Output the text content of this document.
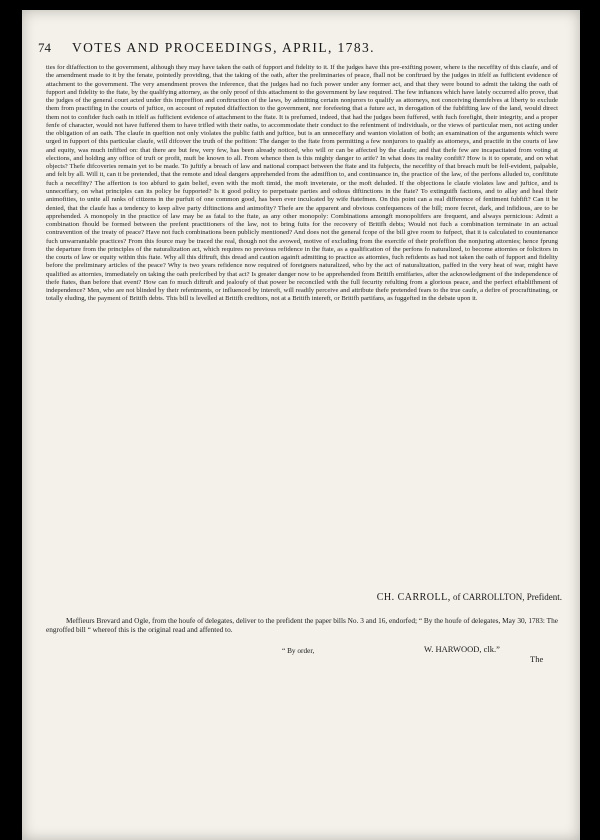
74 VOTES AND PROCEEDINGS, APRIL, 1783.

ties for difaffection to the government, although they may have taken the oath of fupport and fidelity to it. If the judges have this pre-exifting power, where is the neceffity of this claufe, and of the amendment made to it by the fenate, pointedly providing, that the taking of the oath, after the preliminaries of peace, fhall not be conftrued by the judges in itfelf as fufficient evidence of attachment to the government. The very amendment proves the inference, that the judges had no fuch power under any former act, and that they were bound to admit the taking the oath of fupport and fidelity to the ftate, by the qualifying attorney, as the only proof of this attachment to the government by law required. The few inftances which have lately occurred alfo prove, that the judges of the general court acted under this impreffion and conftruction of the laws, by admitting certain nonjurors to qualify as attorneys, not conceiving themfelves at liberty to exclude them from practifing in the courts of juftice, on account of reputed difaffection to the government, nor forefeeing that a future act, in derogation of the fubfifting law of the land, would direct them not to confider fuch oath in itfelf as fufficient evidence of attachment to the ftate. It is prefumed, indeed, that had the judges been fuffered, with fuch forefight, their integrity, and a proper fenfe of character, would not have fuffered them to have trifled with their oaths, to accommodate their conduct to the refentment of individuals, or the views of particular men, not acting under the obligation of an oath. The claufe in queftion not only violates the public faith and juftice, but is an unneceffary and wanton violation of both; an examination of the arguments which were urged in fupport of this particular claufe, will difcover the truth of the pofition: The danger to the ftate from permitting a few nonjurors to qualify as attorneys, and practife in the courts of law and equity, was much infifted on: that there are but few, very few, has been already noticed, who will or can be affected by the claufe; and that thefe few are incapacitated from voting at elections, and holding any office of truft or profit, muft be known to all. From whence then is this mighty danger to arife? In what does its reality confift? How is it to operate, and on what objects? Thefe difcoveries remain yet to be made. To juftify a breach of law and national compact between the ftate and its fubjects, the neceffity of that breach muft be felf-evident, palpable, and felt by all. Will it, can it be pretended, that the remote and ideal dangers apprehended from the admiffion to, and continuance in, the practice of the law, of the perfons alluded to, conftitute fuch a neceffity? The affertion is too abfurd to gain belief, even with the moft timid, the moft inveterate, or the moft deluded. If the objections le claufe violates law and juftice, and is unneceffary, on what principles can its policy be fupported? Is it good policy to perpetuate parties and odious diftinctions in the ftate? To extinguifh factions, and to allay and heal their animofities, to unite all ranks of citizens in the purfuit of one common good, has been ever inculcated by wife ftatefmen. On this point can a real difference of fentiment fubfift? Can it be denied, that the claufe has a tendency to keep alive party diftinctions and animofity? Thefe are the apparent and obvious confequences of the bill; more fecret, dark, and infidious, are to be apprehended. A monopoly in the practice of law may be as fatal to the ftate, as any other monopoly: Combinations amongft monopolifers are frequent, and always pernicious: Admit a combination fhould be formed between the prefent practitioners of the law, not to bring fuits for the recovery of Britifh debts; Would not fuch a combination terminate in an actual contravention of the treaty of peace? Have not fuch combinations been publicly mentioned? And does not the general fcope of the bill give room to fufpect, that it is calculated to countenance fuch unwarrantable practices? From this fource may be traced the real, though not the avowed, motive of excluding from the exercife of their profeffion the nonjuring attornies; hence fprung the departure from the principles of the naturalization act, which requires no previous refidence in the ftate, as a qualification of the perfons fo naturalized, to become attornies or folicitors in the courts of law or equity within this ftate. Why all this diftruft, this dread and caution againft admitting to practice as attornies, fuch refidents as had not taken the oath of fupport and fidelity before the preliminary articles of the peace? Why is two years refidence now required of foreigners naturalized, who by the act of naturalization, paffed in the very heat of war, might have qualified as attornies, immediately on taking the oath prefcribed by that act? Is greater danger now to be apprehended from Britifh emiffaries, after the acknowledgment of the independence of thefe ftates, than before that event? How can fo much diftruft and jealoufy of that power be reconciled with the full fecurity refulting from a glorious peace, and the perfect eftablifhment of independence? Men, who are not blinded by their refentments, or influenced by intereft, will readily perceive and attribute thefe pretended fears to the true caufe, a defire of procraftinating, or totally eluding, the payment of Britifh debts. This bill is levelled at Britifh creditors, not at a Britifh intereft, or Britifh partifans, as fuggefted in the debate upon it.

CH. CARROLL, of CARROLLTON, Prefident.

Meffieurs Brevard and Ogle, from the houfe of delegates, deliver to the prefident the paper bills No. 3 and 16, endorfed; “ By the houfe of delegates, May 30, 1783: The engroffed bill “ whereof this is the original read and affented to.

“ By order,	W. HARWOOD, clk.”
The
